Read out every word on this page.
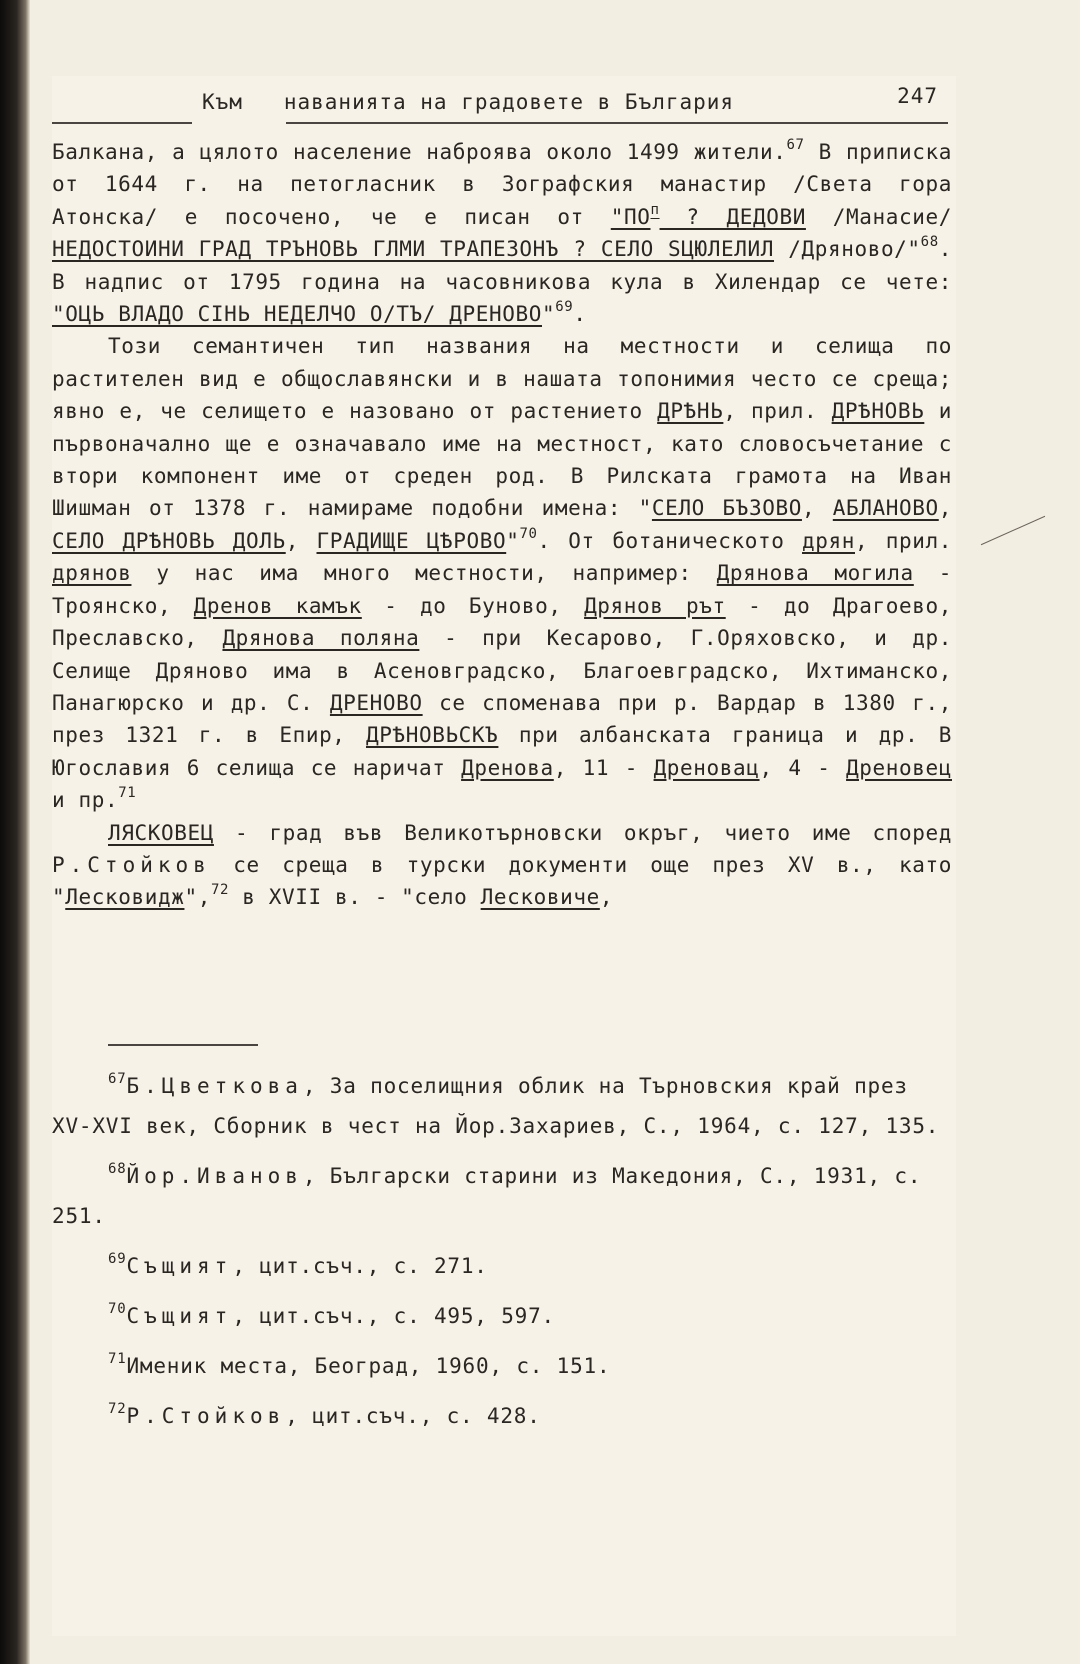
Към   наванията на градовете в България	247

Балкана, а цялото население наброява около 1499 жители.$^{67}$ В приписка от 1644 г. на петогласник в Зографския манастир /Света гора Атонска/ е посочено, че е писан от "$ПО^п$ ? ДЕДОВИ /Манасие/ НЕДОСТОИНИ ГРАД ТРЪНОВЬ ГЛМИ ТРАПЕЗОНЪ ? СЕЛО ЅЦЮЛЕЛИЛ /Дряново/"$^{68}$. В надпис от 1795 година на часовникова кула в Хилендар се чете: "ОЦЬ ВЛАДО СІНЬ НЕДЕЛЧО О/ТЪ/ ДРЕНОВО"$^{69}$.

Този семантичен тип названия на местности и селища по растителен вид е общославянски и в нашата топонимия често се среща; явно е, че селището е назовано от растението ДРѢНЬ, прил. ДРѢНОВЬ и първоначално ще е означавало име на местност, като словосъчетание с втори компонент име от среден род. В Рилската грамота на Иван Шишман от 1378 г. намираме подобни имена: "СЕЛО БЪЗОВО, АБЛАНОВО, СЕЛО ДРѢНОВЬ ДОЛЬ, ГРАДИЩЕ ЦѢРОВО"$^{70}$. От ботаническото дрян, прил. дрянов у нас има много местности, например: Дрянова могила - Троянско, Дренов камък - до Буново, Дрянов рът - до Драгоево, Преславско, Дрянова поляна - при Кесарово, Г.Оряховско, и др. Селище Дряново има в Асеновградско, Благоевградско, Ихтиманско, Панагюрско и др. С. ДРЕНОВО се споменава при р. Вардар в 1380 г., през 1321 г. в Епир, ДРѢНОВЬСКЪ при албанската граница и др. В Югославия 6 селища се наричат Дренова, 11 - Дреновац, 4 - Дреновец и пр.$^{71}$

ЛЯСКОВЕЦ - град във Великотърновски окръг, чието име според Р.Стойков се среща в турски документи още през XV в., като "Лесковидж",$^{72}$ в XVII в. - "село Лесковиче,

$^{67}$Б.Цветкова, За поселищния облик на Търновския край през XV-XVI век, Сборник в чест на Йор.Захариев, С., 1964, с. 127, 135.

$^{68}$Йор.Иванов, Български старини из Македония, С., 1931, с. 251.

$^{69}$Същият, цит.съч., с. 271.

$^{70}$Същият, цит.съч., с. 495, 597.

$^{71}$Именик места, Београд, 1960, с. 151.

$^{72}$Р.Стойков, цит.съч., с. 428.
